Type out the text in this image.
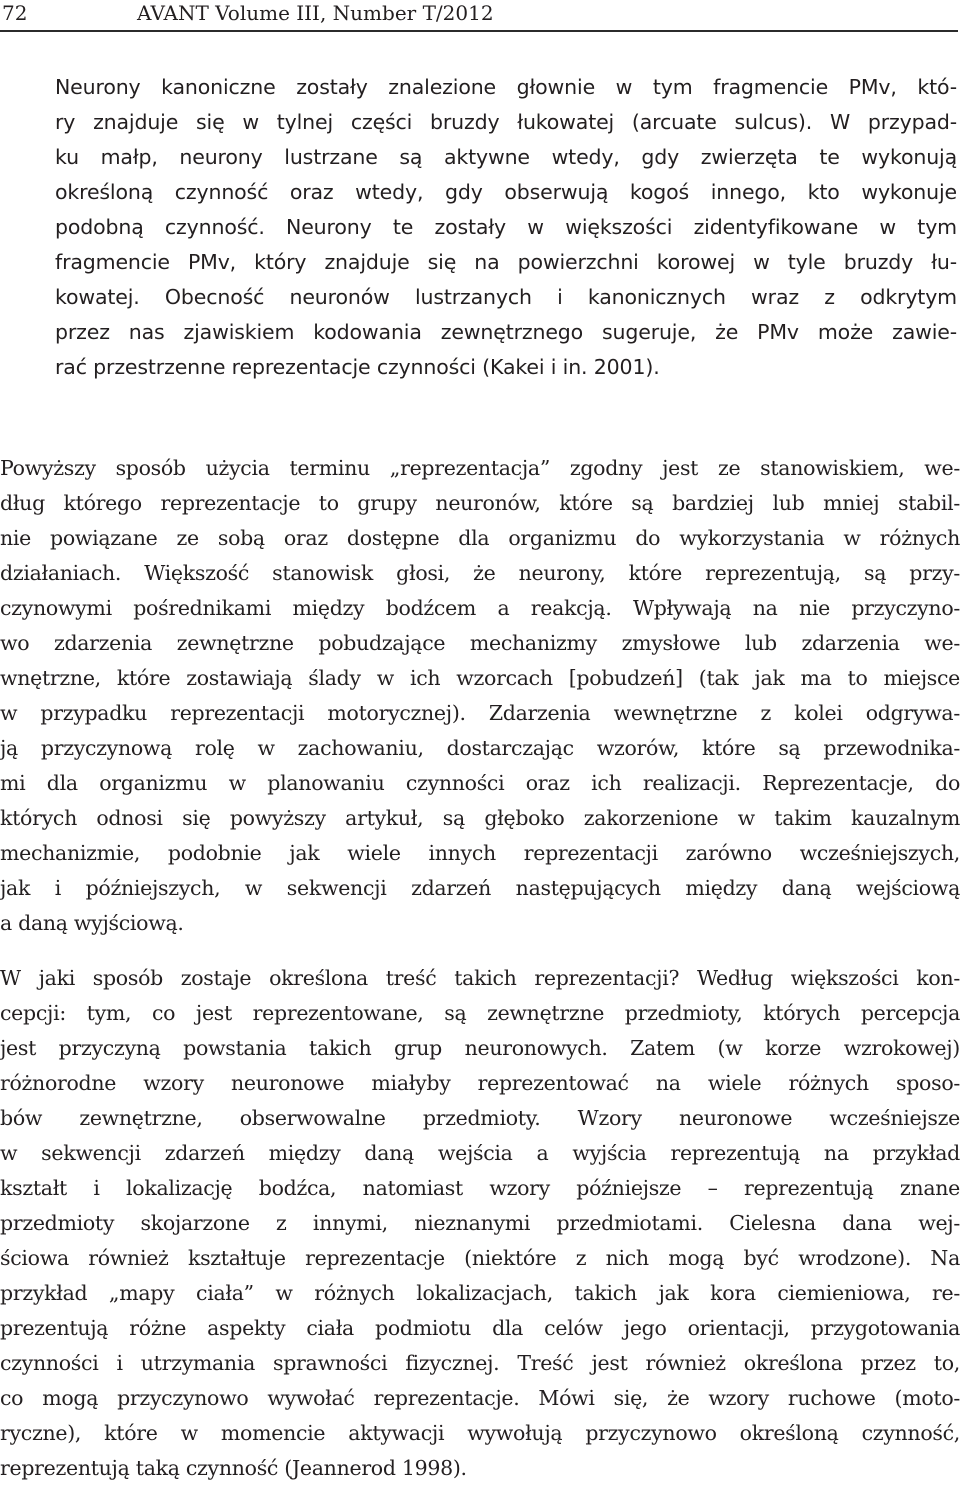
72	AVANT Volume III, Number T/2012
Neurony kanoniczne zostały znalezione głownie w tym fragmencie PMv, któ-
ry znajduje się w tylnej części bruzdy łukowatej (arcuate sulcus). W przypad-
ku małp, neurony lustrzane są aktywne wtedy, gdy zwierzęta te wykonują
określoną czynność oraz wtedy, gdy obserwują kogoś innego, kto wykonuje
podobną czynność. Neurony te zostały w większości zidentyfikowane w tym
fragmencie PMv, który znajduje się na powierzchni korowej w tyle bruzdy łu-
kowatej. Obecność neuronów lustrzanych i kanonicznych wraz z odkrytym
przez nas zjawiskiem kodowania zewnętrznego sugeruje, że PMv może zawie-
rać przestrzenne reprezentacje czynności (Kakei i in. 2001).
Powyższy sposób użycia terminu „reprezentacja” zgodny jest ze stanowiskiem, we-
dług którego reprezentacje to grupy neuronów, które są bardziej lub mniej stabil-
nie powiązane ze sobą oraz dostępne dla organizmu do wykorzystania w różnych
działaniach. Większość stanowisk głosi, że neurony, które reprezentują, są przy-
czynowymi pośrednikami między bodźcem a reakcją. Wpływają na nie przyczyno-
wo zdarzenia zewnętrzne pobudzające mechanizmy zmysłowe lub zdarzenia we-
wnętrzne, które zostawiają ślady w ich wzorcach [pobudzeń] (tak jak ma to miejsce
w przypadku reprezentacji motorycznej). Zdarzenia wewnętrzne z kolei odgrywa-
ją przyczynową rolę w zachowaniu, dostarczając wzorów, które są przewodnika-
mi dla organizmu w planowaniu czynności oraz ich realizacji. Reprezentacje, do
których odnosi się powyższy artykuł, są głęboko zakorzenione w takim kauzalnym
mechanizmie, podobnie jak wiele innych reprezentacji zarówno wcześniejszych,
jak i późniejszych, w sekwencji zdarzeń następujących między daną wejściową
a daną wyjściową.
W jaki sposób zostaje określona treść takich reprezentacji? Według większości kon-
cepcji: tym, co jest reprezentowane, są zewnętrzne przedmioty, których percepcja
jest przyczyną powstania takich grup neuronowych. Zatem (w korze wzrokowej)
różnorodne wzory neuronowe miałyby reprezentować na wiele różnych sposo-
bów zewnętrzne, obserwowalne przedmioty. Wzory neuronowe wcześniejsze
w sekwencji zdarzeń między daną wejścia a wyjścia reprezentują na przykład
kształt i lokalizację bodźca, natomiast wzory późniejsze – reprezentują znane
przedmioty skojarzone z innymi, nieznanymi przedmiotami. Cielesna dana wej-
ściowa również kształtuje reprezentacje (niektóre z nich mogą być wrodzone). Na
przykład „mapy ciała” w różnych lokalizacjach, takich jak kora ciemieniowa, re-
prezentują różne aspekty ciała podmiotu dla celów jego orientacji, przygotowania
czynności i utrzymania sprawności fizycznej. Treść jest również określona przez to,
co mogą przyczynowo wywołać reprezentacje. Mówi się, że wzory ruchowe (moto-
ryczne), które w momencie aktywacji wywołują przyczynowo określoną czynność,
reprezentują taką czynność (Jeannerod 1998).
